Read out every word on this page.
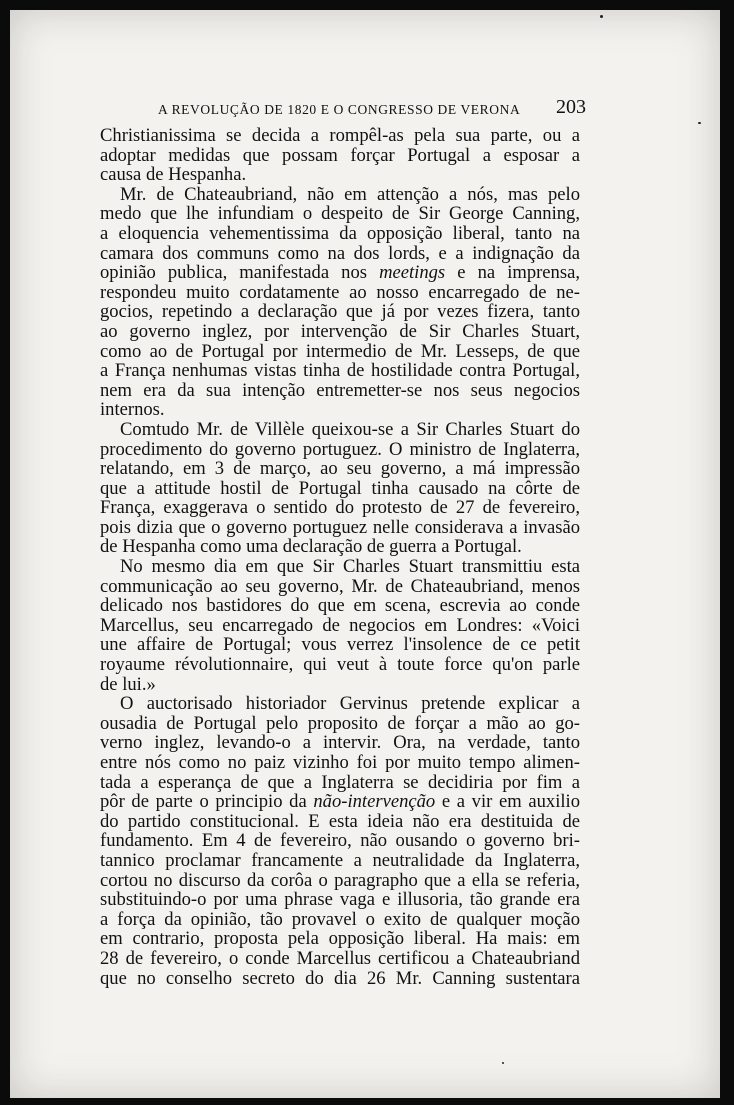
A REVOLUÇÃO DE 1820 E O CONGRESSO DE VERONA 203

Christianissima se decida a rompêl-as pela sua parte, ou a

adoptar medidas que possam forçar Portugal a esposar a

causa de Hespanha.

Mr. de Chateaubriand, não em attenção a nós, mas pelo

medo que lhe infundiam o despeito de Sir George Canning,

a eloquencia vehementissima da opposição liberal, tanto na

camara dos communs como na dos lords, e a indignação da

opinião publica, manifestada nos meetings e na imprensa,

respondeu muito cordatamente ao nosso encarregado de ne-

gocios, repetindo a declaração que já por vezes fizera, tanto

ao governo inglez, por intervenção de Sir Charles Stuart,

como ao de Portugal por intermedio de Mr. Lesseps, de que

a França nenhumas vistas tinha de hostilidade contra Portugal,

nem era da sua intenção entremetter-se nos seus negocios

internos.

Comtudo Mr. de Villèle queixou-se a Sir Charles Stuart do

procedimento do governo portuguez. O ministro de Inglaterra,

relatando, em 3 de março, ao seu governo, a má impressão

que a attitude hostil de Portugal tinha causado na côrte de

França, exaggerava o sentido do protesto de 27 de fevereiro,

pois dizia que o governo portuguez nelle considerava a invasão

de Hespanha como uma declaração de guerra a Portugal.

No mesmo dia em que Sir Charles Stuart transmittiu esta

communicação ao seu governo, Mr. de Chateaubriand, menos

delicado nos bastidores do que em scena, escrevia ao conde

Marcellus, seu encarregado de negocios em Londres: «Voici

une affaire de Portugal; vous verrez l'insolence de ce petit

royaume révolutionnaire, qui veut à toute force qu'on parle

de lui.»

O auctorisado historiador Gervinus pretende explicar a

ousadia de Portugal pelo proposito de forçar a mão ao go-

verno inglez, levando-o a intervir. Ora, na verdade, tanto

entre nós como no paiz vizinho foi por muito tempo alimen-

tada a esperança de que a Inglaterra se decidiria por fim a

pôr de parte o principio da não-intervenção e a vir em auxilio

do partido constitucional. E esta ideia não era destituida de

fundamento. Em 4 de fevereiro, não ousando o governo bri-

tannico proclamar francamente a neutralidade da Inglaterra,

cortou no discurso da corôa o paragrapho que a ella se referia,

substituindo-o por uma phrase vaga e illusoria, tão grande era

a força da opinião, tão provavel o exito de qualquer moção

em contrario, proposta pela opposição liberal. Ha mais: em

28 de fevereiro, o conde Marcellus certificou a Chateaubriand

que no conselho secreto do dia 26 Mr. Canning sustentara
